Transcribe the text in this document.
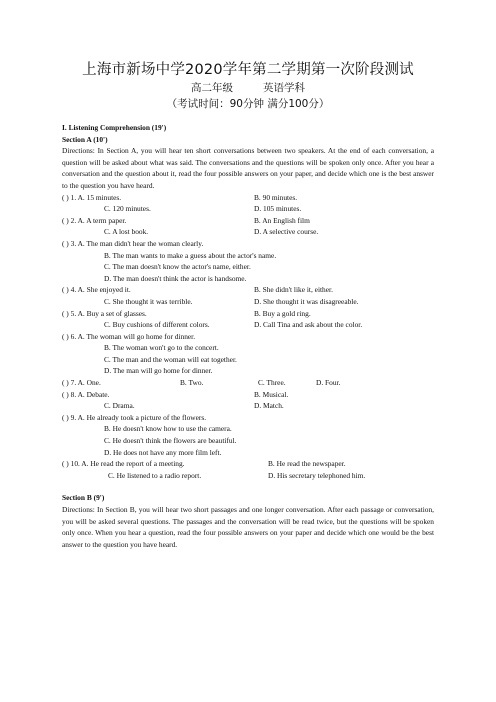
上海市新场中学2020学年第二学期第一次阶段测试
高二年级	英语学科
（考试时间：90分钟 满分100分）
I. Listening Comprehension (19')
Section A (10')
Directions: In Section A, you will hear ten short conversations between two speakers. At the end of each conversation, a question will be asked about what was said. The conversations and the questions will be spoken only once. After you hear a conversation and the question about it, read the four possible answers on your paper, and decide which one is the best answer to the question you have heard.
( ) 1. A. 15 minutes.	B. 90 minutes.
C. 120 minutes.	D. 105 minutes.
( ) 2. A. A term paper.	B. An English film
C. A lost book.	D. A selective course.
( ) 3. A. The man didn't hear the woman clearly.
B. The man wants to make a guess about the actor's name.
C. The man doesn't know the actor's name, either.
D. The man doesn't think the actor is handsome.
( ) 4. A. She enjoyed it.	B. She didn't like it, either.
C. She thought it was terrible.	D. She thought it was disagreeable.
( ) 5. A. Buy a set of glasses.	B. Buy a gold ring.
C. Buy cushions of different colors.	D. Call Tina and ask about the color.
( ) 6. A. The woman will go home for dinner.
B. The woman won't go to the concert.
C. The man and the woman will eat together.
D. The man will go home for dinner.
( ) 7. A. One.	B. Two.	C. Three.	D. Four.
( ) 8. A. Debate.	B. Musical.
C. Drama.	D. Match.
( ) 9. A. He already took a picture of the flowers.
B. He doesn't know how to use the camera.
C. He doesn't think the flowers are beautiful.
D. He does not have any more film left.
( ) 10. A. He read the report of a meeting.	B. He read the newspaper.
C. He listened to a radio report.	D. His secretary telephoned him.
Section B (9')
Directions: In Section B, you will hear two short passages and one longer conversation. After each passage or conversation, you will be asked several questions. The passages and the conversation will be read twice, but the questions will be spoken only once. When you hear a question, read the four possible answers on your paper and decide which one would be the best answer to the question you have heard.
